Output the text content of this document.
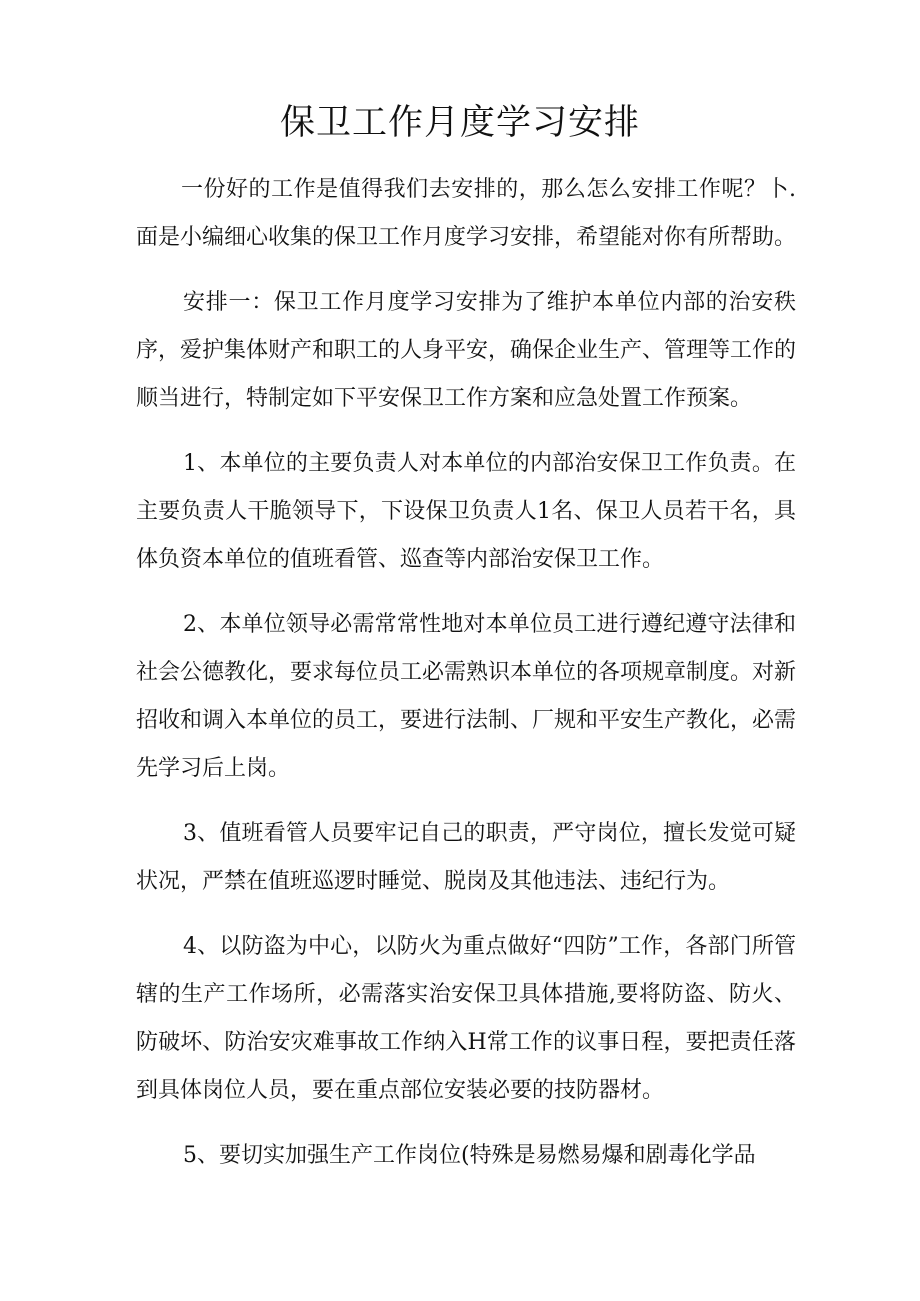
保卫工作月度学习安排

一份好的工作是值得我们去安排的，那么怎么安排工作呢？卜.面是小编细心收集的保卫工作月度学习安排，希望能对你有所帮助。

安排一：保卫工作月度学习安排为了维护本单位内部的治安秩序，爱护集体财产和职工的人身平安，确保企业生产、管理等工作的顺当进行，特制定如下平安保卫工作方案和应急处置工作预案。

1、本单位的主要负责人对本单位的内部治安保卫工作负责。在主要负责人干脆领导下，下设保卫负责人1名、保卫人员若干名，具体负资本单位的值班看管、巡查等内部治安保卫工作。

2、本单位领导必需常常性地对本单位员工进行遵纪遵守法律和社会公德教化，要求每位员工必需熟识本单位的各项规章制度。对新招收和调入本单位的员工，要进行法制、厂规和平安生产教化，必需先学习后上岗。

3、值班看管人员要牢记自己的职责，严守岗位，擅长发觉可疑状况，严禁在值班巡逻时睡觉、脱岗及其他违法、违纪行为。

4、以防盗为中心，以防火为重点做好“四防”工作，各部门所管辖的生产工作场所，必需落实治安保卫具体措施,要将防盗、防火、防破坏、防治安灾难事故工作纳入H常工作的议事日程，要把责任落到具体岗位人员，要在重点部位安装必要的技防器材。

5、要切实加强生产工作岗位(特殊是易燃易爆和剧毒化学品
